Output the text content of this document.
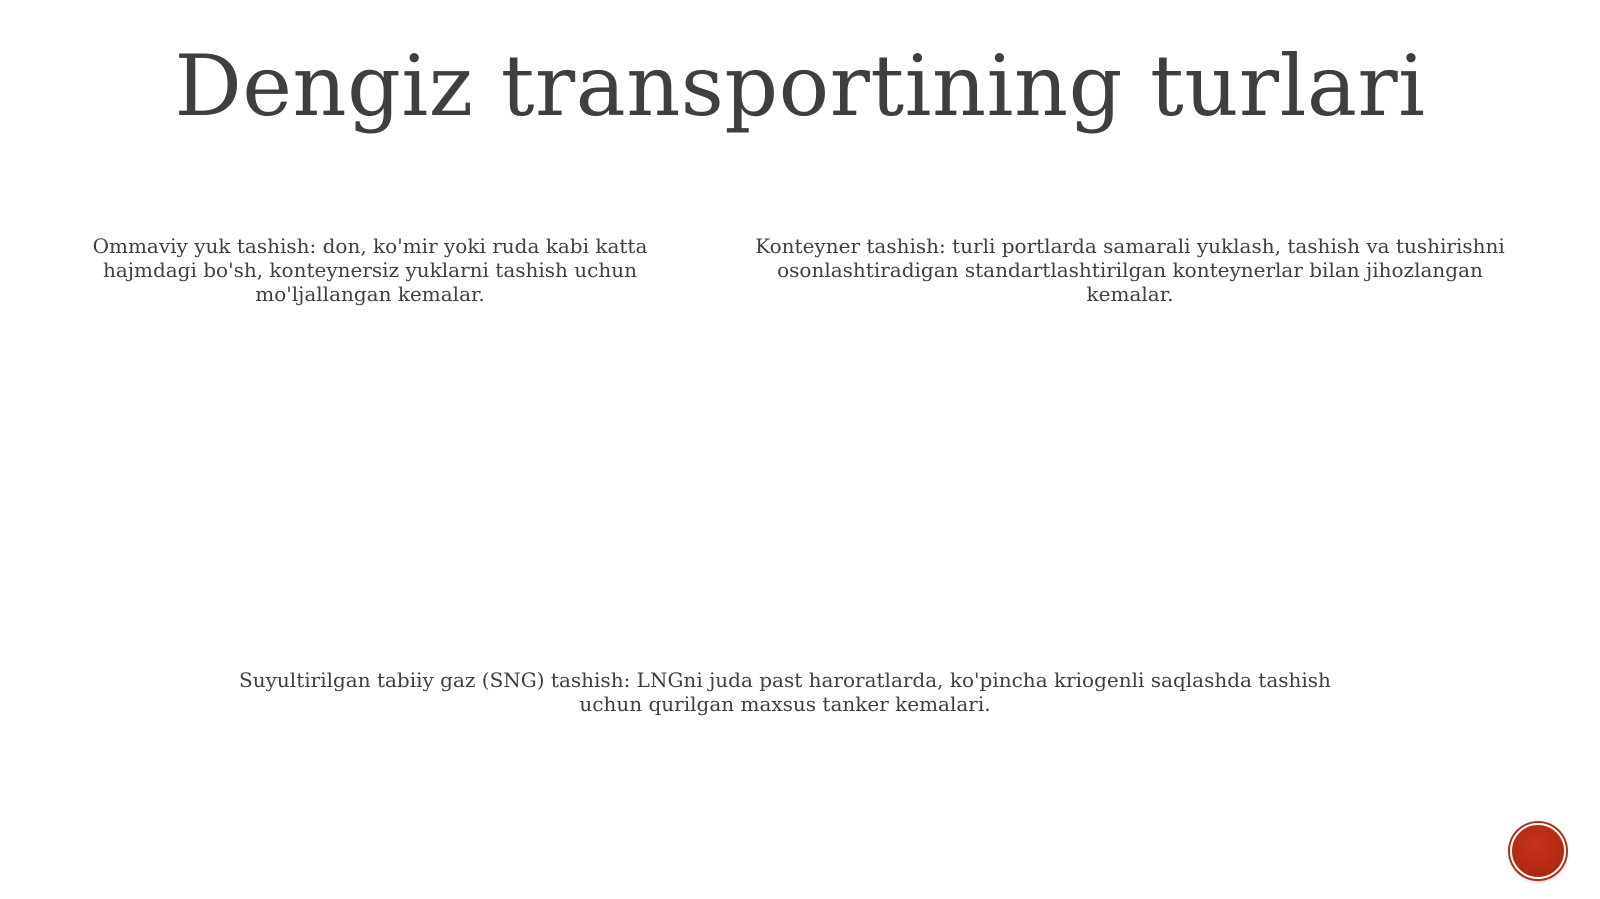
Dengiz transportining turlari
Ommaviy yuk tashish: don, ko'mir yoki ruda kabi katta hajmdagi bo'sh, konteynersiz yuklarni tashish uchun mo'ljallangan kemalar.
Konteyner tashish: turli portlarda samarali yuklash, tashish va tushirishni osonlashtiradigan standartlashtirilgan konteynerlar bilan jihozlangan kemalar.
Suyultirilgan tabiiy gaz (SNG) tashish: LNGni juda past haroratlarda, ko'pincha kriogenli saqlashda tashish uchun qurilgan maxsus tanker kemalari.
